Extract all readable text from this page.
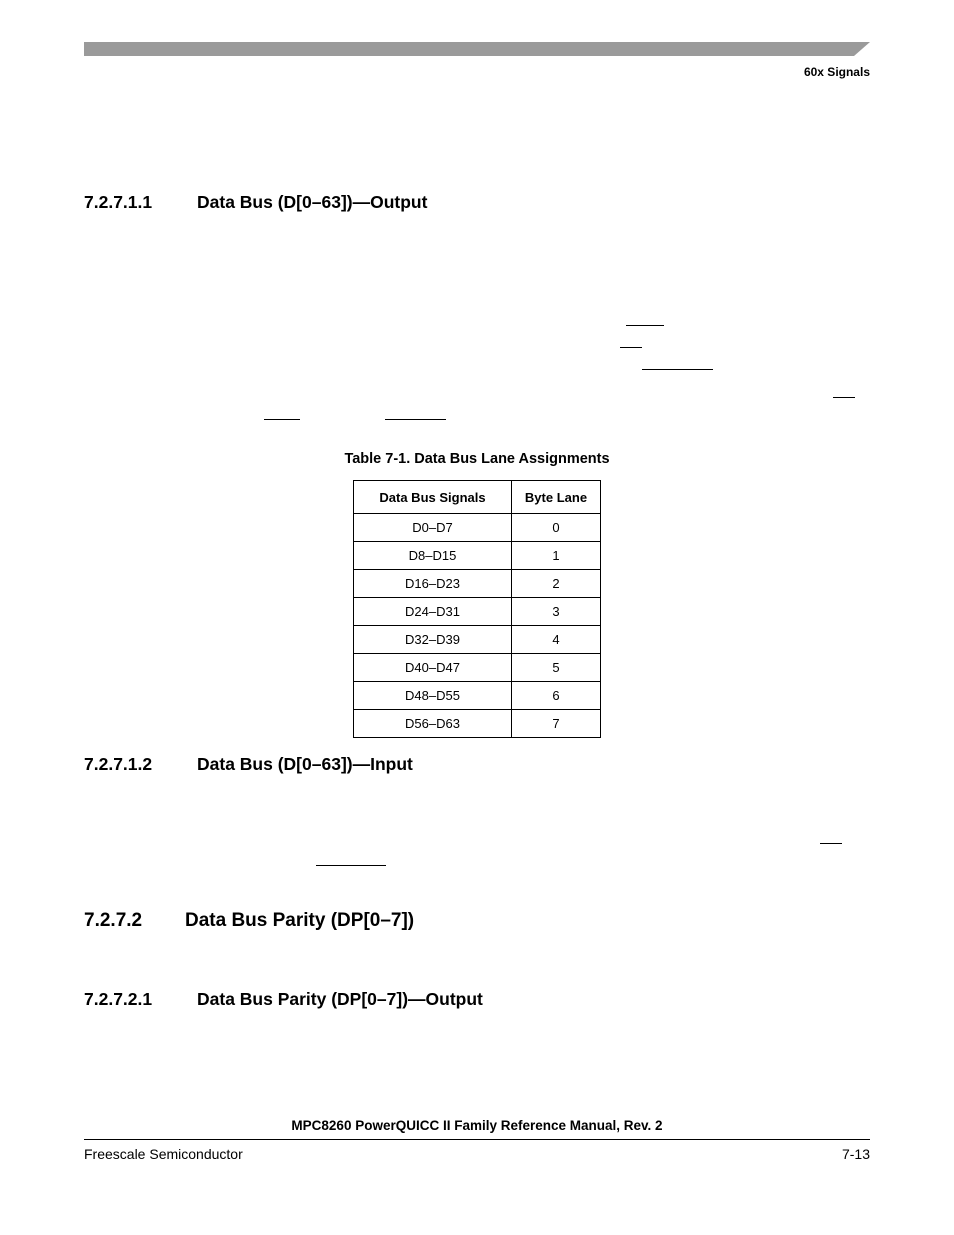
60x Signals
7.2.7.1.1	Data Bus (D[0–63])—Output
Table 7-1. Data Bus Lane Assignments
Data Bus Signals	Byte Lane
D0–D7	0
D8–D15	1
D16–D23	2
D24–D31	3
D32–D39	4
D40–D47	5
D48–D55	6
D56–D63	7
7.2.7.1.2	Data Bus (D[0–63])—Input
7.2.7.2 Data Bus Parity (DP[0–7])
7.2.7.2.1	Data Bus Parity (DP[0–7])—Output
MPC8260 PowerQUICC II Family Reference Manual, Rev. 2
Freescale Semiconductor	7-13
